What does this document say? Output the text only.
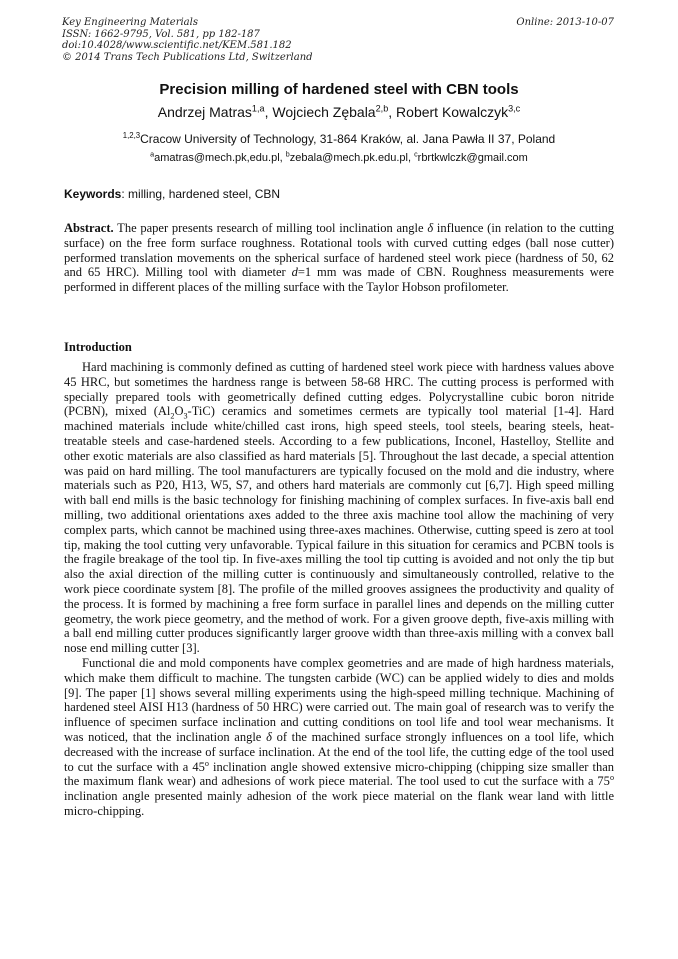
Key Engineering Materials
ISSN: 1662-9795, Vol. 581, pp 182-187
doi:10.4028/www.scientific.net/KEM.581.182
© 2014 Trans Tech Publications Ltd, Switzerland
Online: 2013-10-07
Precision milling of hardened steel with CBN tools
Andrzej Matras$^{1,a}$, Wojciech Zębala$^{2,b}$, Robert Kowalczyk$^{3,c}$
$^{1,2,3}$Cracow University of Technology, 31-864 Kraków, al. Jana Pawła II 37, Poland
$^a$amatras@mech.pk,edu.pl, $^b$zebala@mech.pk.edu.pl, $^c$rbrtkwlczk@gmail.com
Keywords: milling, hardened steel, CBN
Abstract. The paper presents research of milling tool inclination angle δ influence (in relation to the cutting surface) on the free form surface roughness. Rotational tools with curved cutting edges (ball nose cutter) performed translation movements on the spherical surface of hardened steel work piece (hardness of 50, 62 and 65 HRC). Milling tool with diameter d=1 mm was made of CBN. Roughness measurements were performed in different places of the milling surface with the Taylor Hobson profilometer.
Introduction

Hard machining is commonly defined as cutting of hardened steel work piece with hardness values above 45 HRC, but sometimes the hardness range is between 58-68 HRC. The cutting process is performed with specially prepared tools with geometrically defined cutting edges. Polycrystalline cubic boron nitride (PCBN), mixed $(Al_2O_3-TiC)$ ceramics and sometimes cermets are typically tool material [1-4]. Hard machined materials include white/chilled cast irons, high speed steels, tool steels, bearing steels, heat-treatable steels and case-hardened steels. According to a few publications, Inconel, Hastelloy, Stellite and other exotic materials are also classified as hard materials [5]. Throughout the last decade, a special attention was paid on hard milling. The tool manufacturers are typically focused on the mold and die industry, where materials such as P20, H13, W5, S7, and others hard materials are commonly cut [6,7]. High speed milling with ball end mills is the basic technology for finishing machining of complex surfaces. In five-axis ball end milling, two additional orientations axes added to the three axis machine tool allow the machining of very complex parts, which cannot be machined using three-axes machines. Otherwise, cutting speed is zero at tool tip, making the tool cutting very unfavorable. Typical failure in this situation for ceramics and PCBN tools is the fragile breakage of the tool tip. In five-axes milling the tool tip cutting is avoided and not only the tip but also the axial direction of the milling cutter is continuously and simultaneously controlled, relative to the work piece coordinate system [8]. The profile of the milled grooves assignees the productivity and quality of the process. It is formed by machining a free form surface in parallel lines and depends on the milling cutter geometry, the work piece geometry, and the method of work. For a given groove depth, five-axis milling with a ball end milling cutter produces significantly larger groove width than three-axis milling with a convex ball nose end milling cutter [3].

Functional die and mold components have complex geometries and are made of high hardness materials, which make them difficult to machine. The tungsten carbide (WC) can be applied widely to dies and molds [9]. The paper [1] shows several milling experiments using the high-speed milling technique. Machining of hardened steel AISI H13 (hardness of 50 HRC) were carried out. The main goal of research was to verify the influence of specimen surface inclination and cutting conditions on tool life and tool wear mechanisms. It was noticed, that the inclination angle δ of the machined surface strongly influences on a tool life, which decreased with the increase of surface inclination. At the end of the tool life, the cutting edge of the tool used to cut the surface with a 45$^o$ inclination angle showed extensive micro-chipping (chipping size smaller than the maximum flank wear) and adhesions of work piece material. The tool used to cut the surface with a 75$^o$ inclination angle presented mainly adhesion of the work piece material on the flank wear land with little micro-chipping.
